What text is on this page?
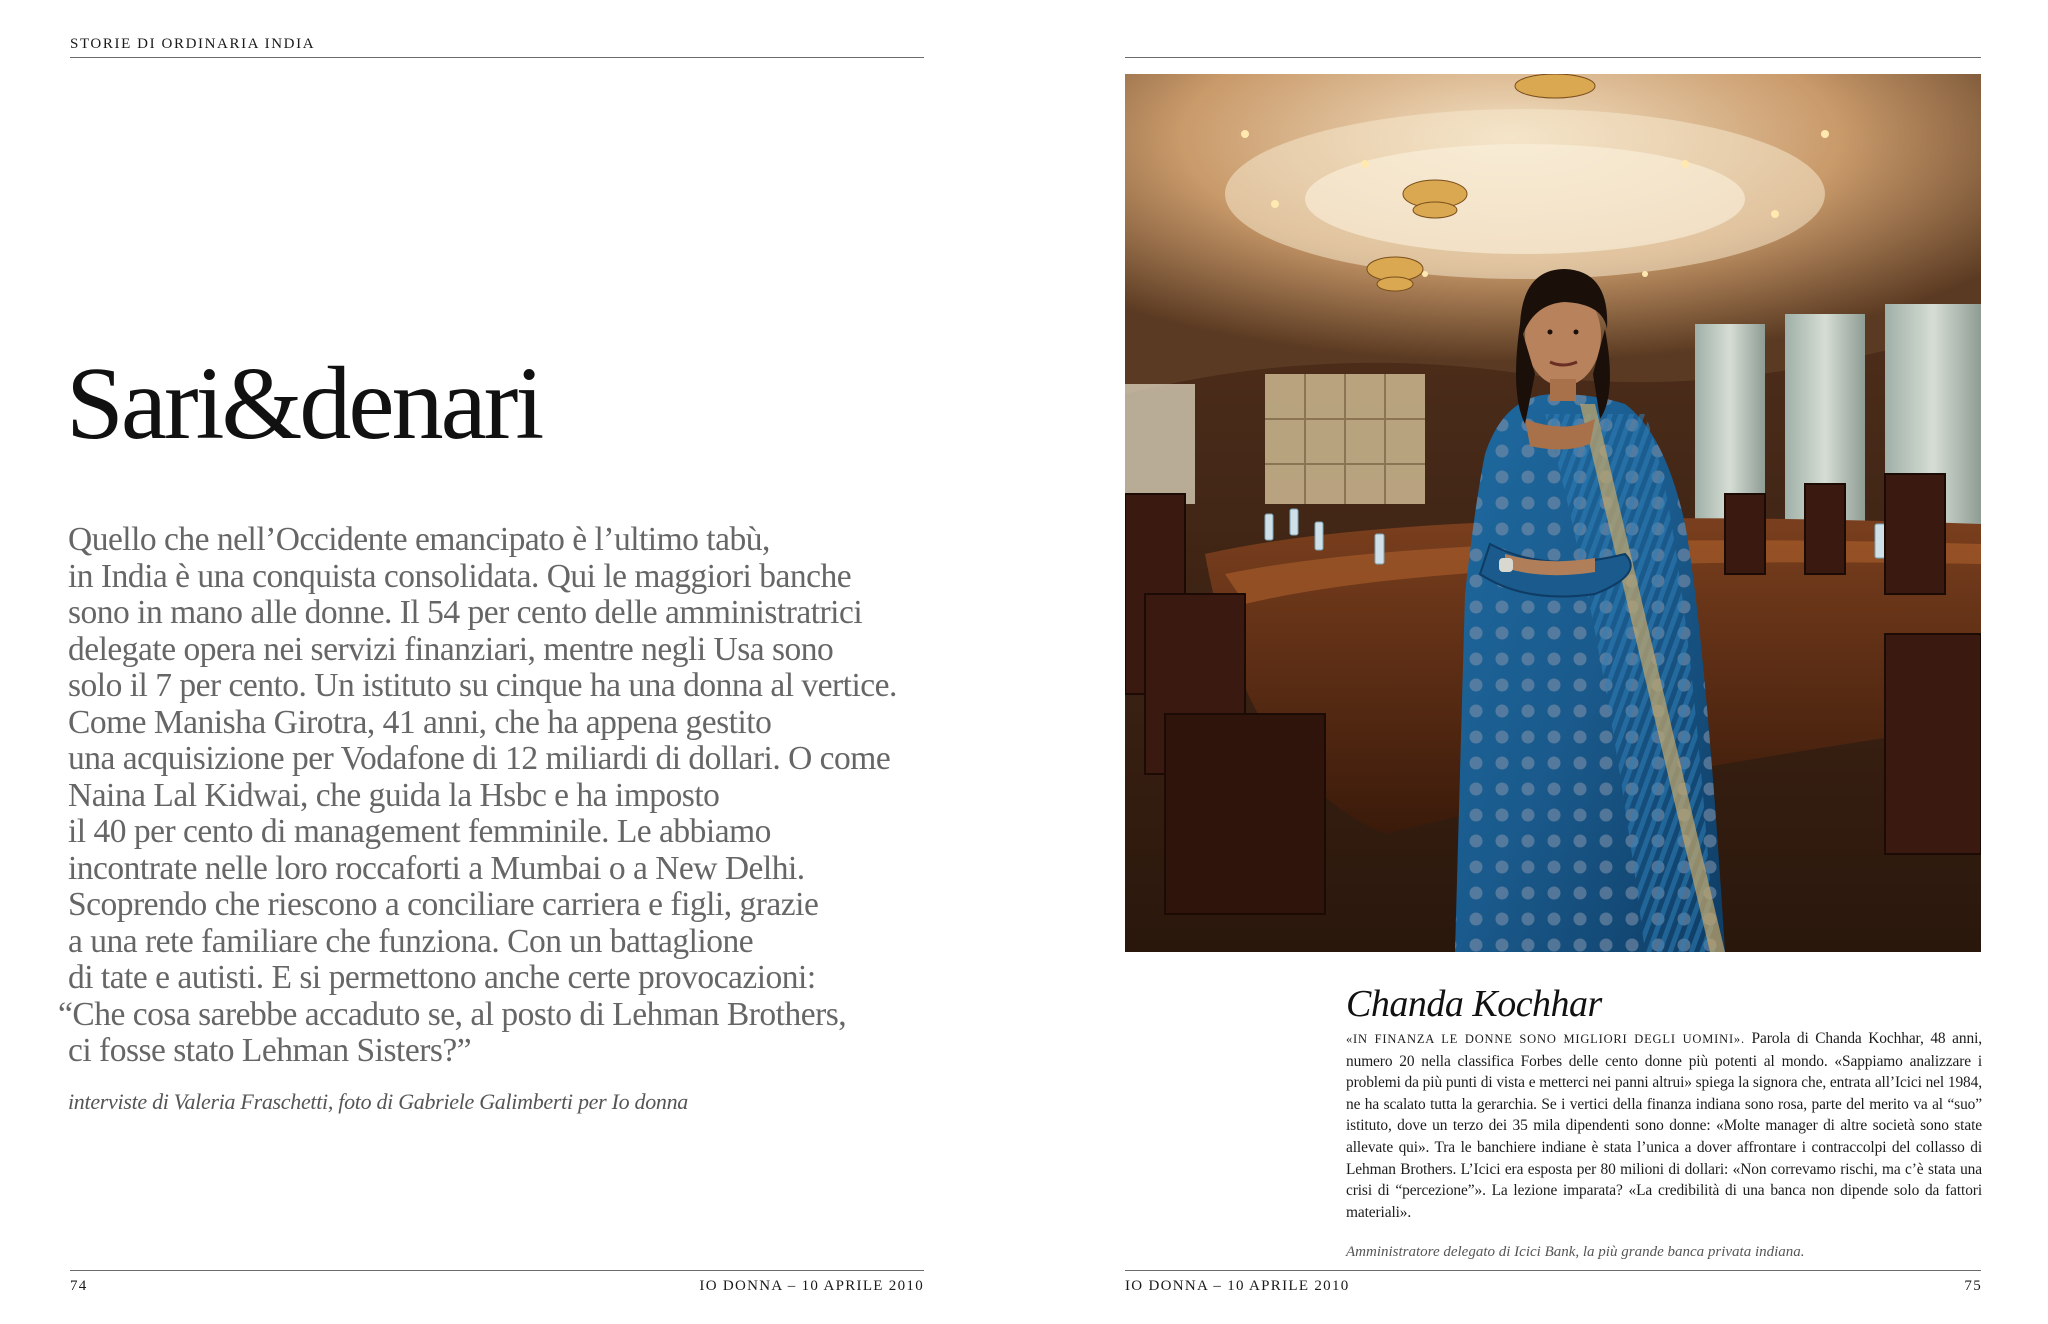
STORIE DI ORDINARIA INDIA
Sari&denari
Quello che nell’Occidente emancipato è l’ultimo tabù,
in India è una conquista consolidata. Qui le maggiori banche
sono in mano alle donne. Il 54 per cento delle amministratrici
delegate opera nei servizi finanziari, mentre negli Usa sono
solo il 7 per cento. Un istituto su cinque ha una donna al vertice.
Come Manisha Girotra, 41 anni, che ha appena gestito
una acquisizione per Vodafone di 12 miliardi di dollari. O come
Naina Lal Kidwai, che guida la Hsbc e ha imposto
il 40 per cento di management femminile. Le abbiamo
incontrate nelle loro roccaforti a Mumbai o a New Delhi.
Scoprendo che riescono a conciliare carriera e figli, grazie
a una rete familiare che funziona. Con un battaglione
di tate e autisti. E si permettono anche certe provocazioni:
“Che cosa sarebbe accaduto se, al posto di Lehman Brothers,
ci fosse stato Lehman Sisters?”
interviste di Valeria Fraschetti, foto di Gabriele Galimberti per Io donna
74	IO DONNA – 10 APRILE 2010
Chanda Kochhar
«IN FINANZA LE DONNE SONO MIGLIORI DEGLI UOMINI». Parola di Chanda Kochhar, 48 anni, numero 20 nella classifica Forbes delle cento donne più potenti al mondo. «Sappiamo analizzare i problemi da più punti di vista e metterci nei panni altrui» spiega la signora che, entrata all’Icici nel 1984, ne ha scalato tutta la gerarchia. Se i vertici della finanza indiana sono rosa, parte del merito va al “suo” istituto, dove un terzo dei 35 mila dipendenti sono donne: «Molte manager di altre società sono state allevate qui». Tra le banchiere indiane è stata l’unica a dover affrontare i contraccolpi del collasso di Lehman Brothers. L’Icici era esposta per 80 milioni di dollari: «Non correvamo rischi, ma c’è stata una crisi di “percezione”». La lezione imparata? «La credibilità di una banca non dipende solo da fattori materiali».
Amministratore delegato di Icici Bank, la più grande banca privata indiana.
IO DONNA – 10 APRILE 2010	75
